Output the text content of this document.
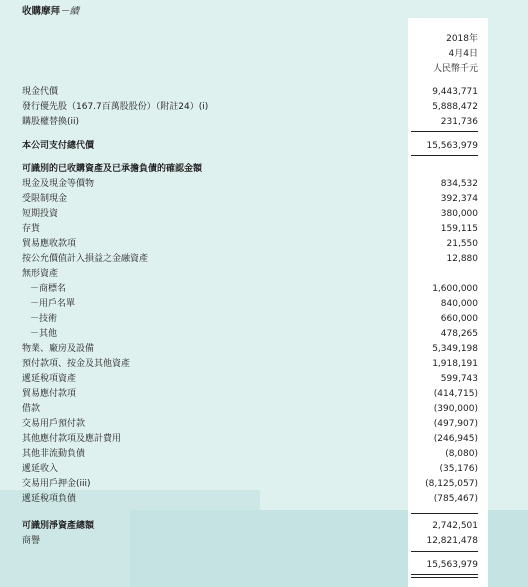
收購摩拜－續
2018年
4月4日
人民幣千元
現金代價	9,443,771
發行優先股（167.7百萬股股份）（附註24）(i)	5,888,472
購股權替換(ii)	231,736
本公司支付總代價	15,563,979
可識別的已收購資產及已承擔負債的確認金額
現金及現金等價物	834,532
受限制現金	392,374
短期投資	380,000
存貨	159,115
貿易應收款項	21,550
按公允價值計入損益之金融資產	12,880
無形資產
－商標名	1,600,000
－用戶名單	840,000
－技術	660,000
－其他	478,265
物業、廠房及設備	5,349,198
預付款項、按金及其他資產	1,918,191
遞延稅項資產	599,743
貿易應付款項	(414,715)
借款	(390,000)
交易用戶預付款	(497,907)
其他應付款項及應計費用	(246,945)
其他非流動負債	(8,080)
遞延收入	(35,176)
交易用戶押金(iii)	(8,125,057)
遞延稅項負債	(785,467)
可識別淨資產總額	2,742,501
商譽	12,821,478
15,563,979
